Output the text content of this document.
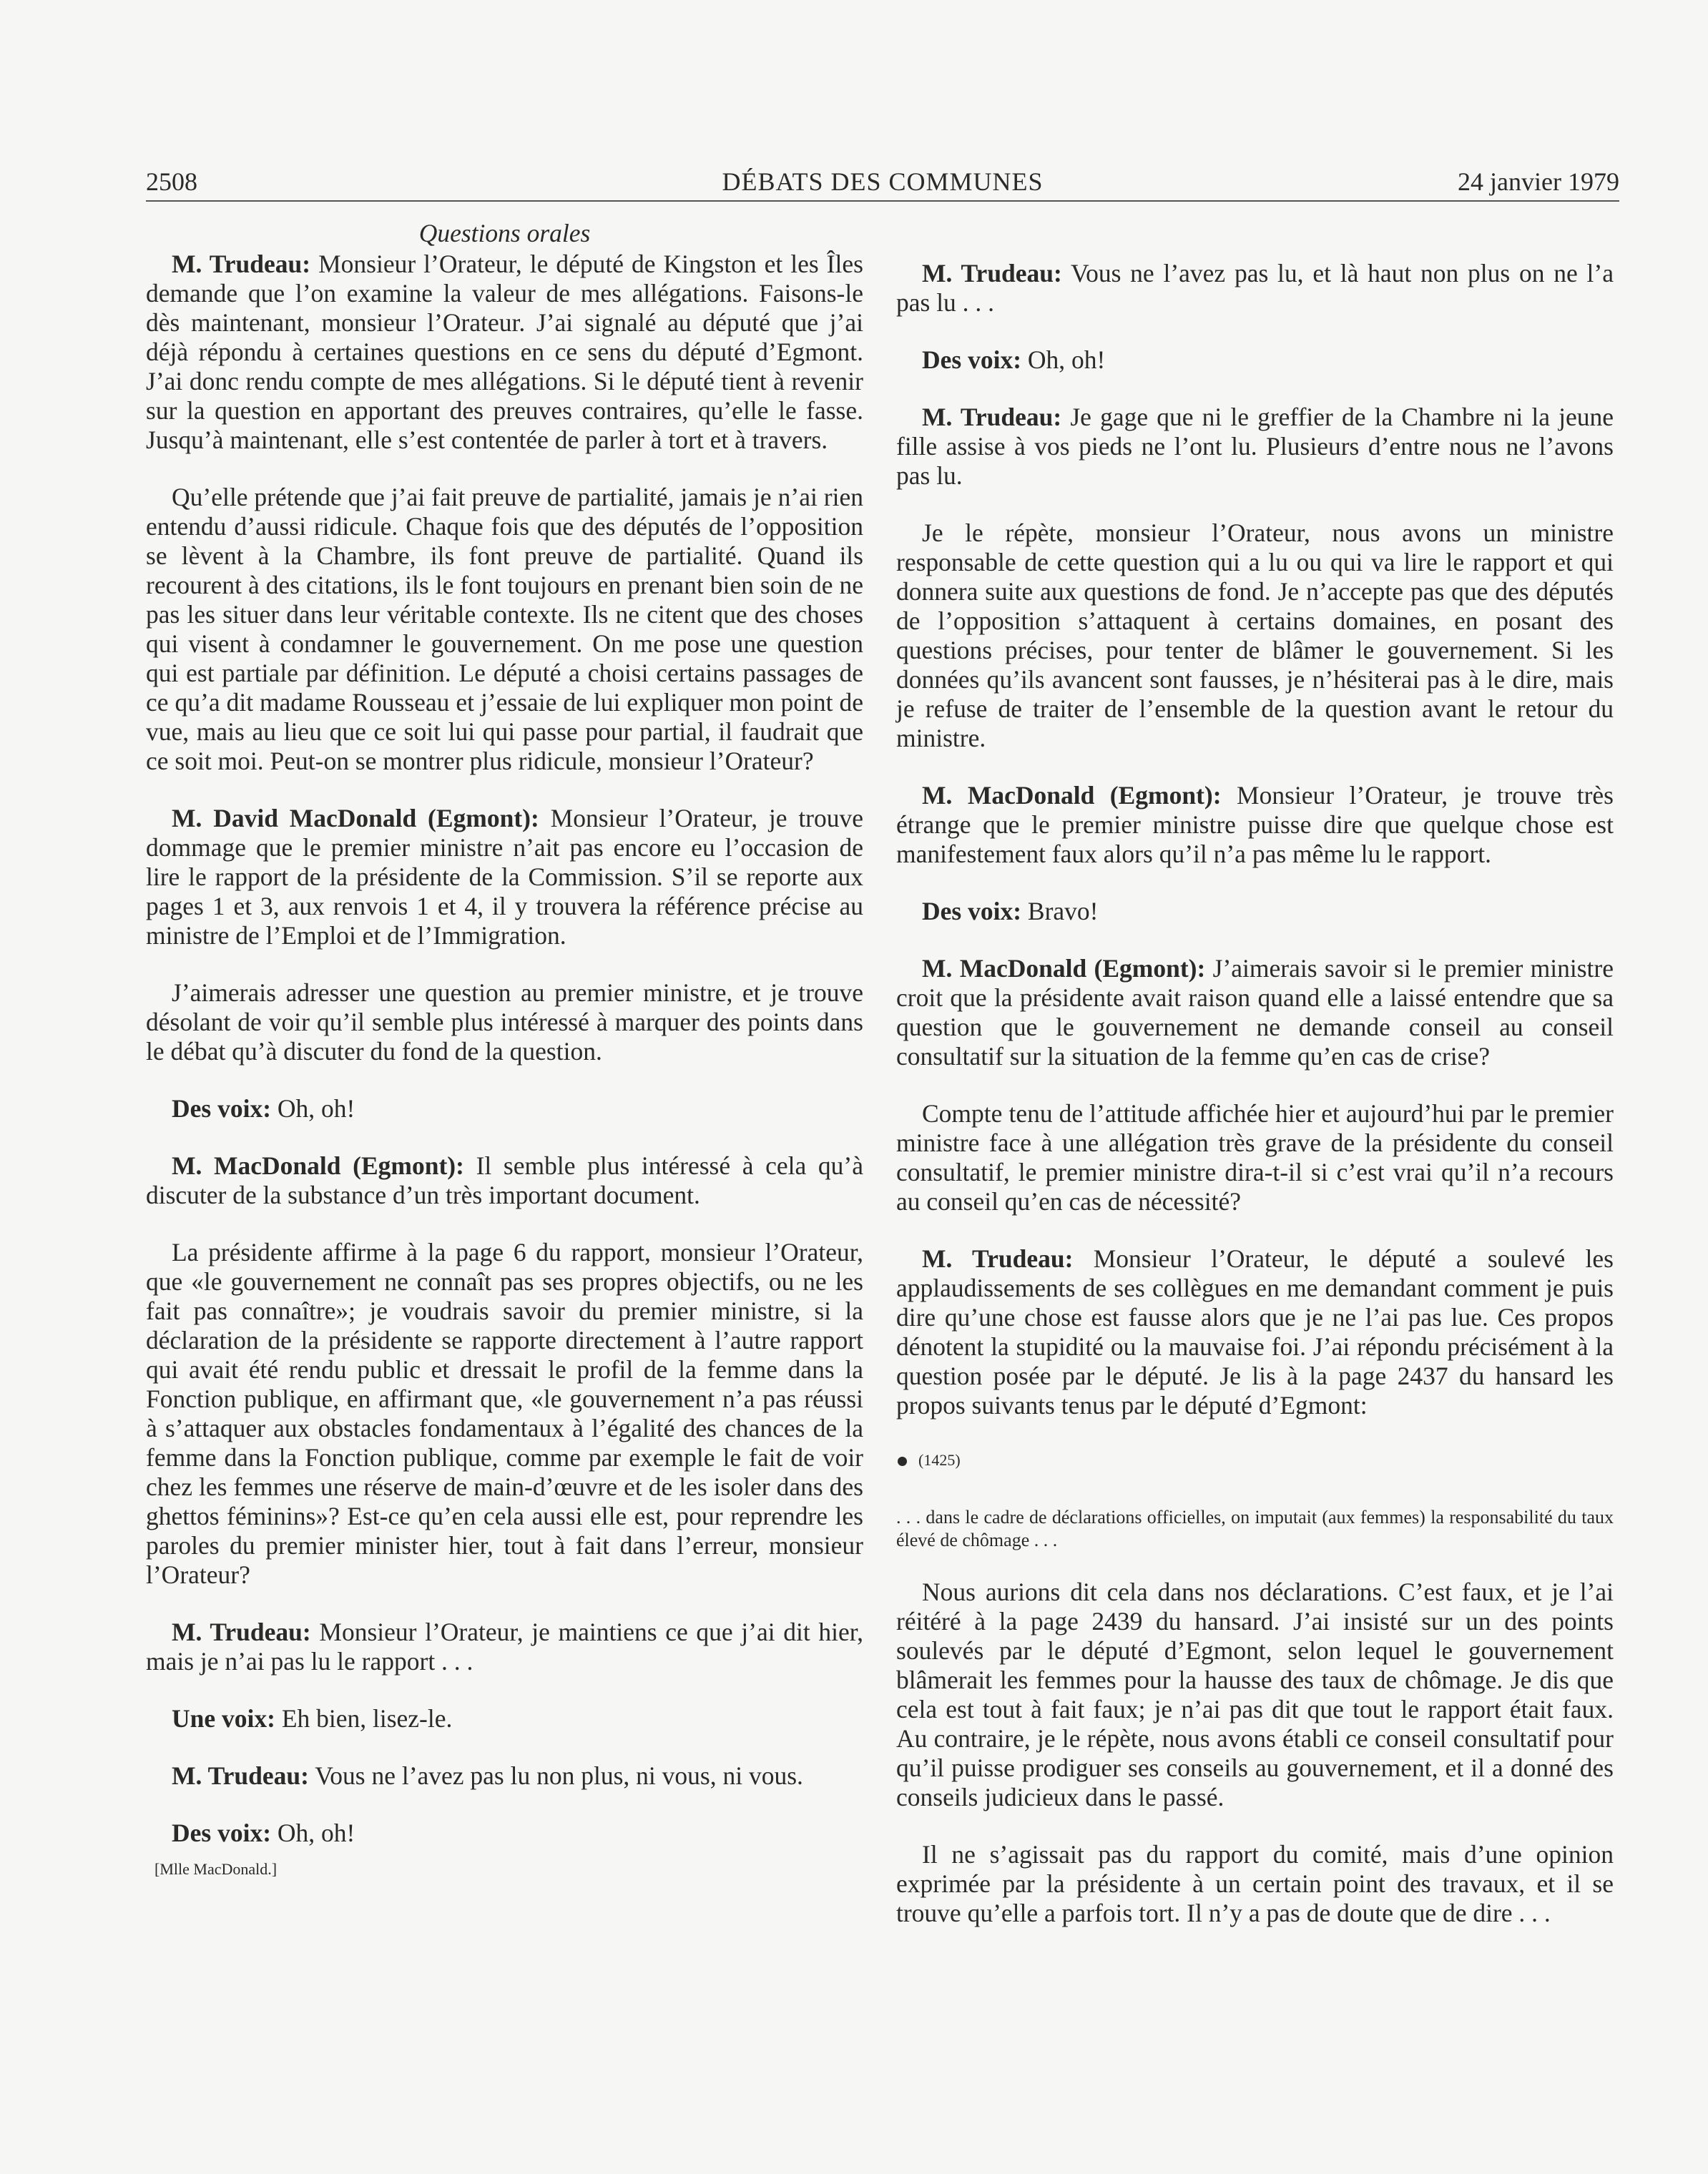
2508	DÉBATS DES COMMUNES	24 janvier 1979
Questions orales

M. Trudeau: Monsieur l’Orateur, le député de Kingston et les Îles demande que l’on examine la valeur de mes allégations. Faisons-le dès maintenant, monsieur l’Orateur. J’ai signalé au député que j’ai déjà répondu à certaines questions en ce sens du député d’Egmont. J’ai donc rendu compte de mes allégations. Si le député tient à revenir sur la question en apportant des preuves contraires, qu’elle le fasse. Jusqu’à maintenant, elle s’est contentée de parler à tort et à travers.

Qu’elle prétende que j’ai fait preuve de partialité, jamais je n’ai rien entendu d’aussi ridicule. Chaque fois que des députés de l’opposition se lèvent à la Chambre, ils font preuve de partialité. Quand ils recourent à des citations, ils le font toujours en prenant bien soin de ne pas les situer dans leur véritable contexte. Ils ne citent que des choses qui visent à condamner le gouvernement. On me pose une question qui est partiale par définition. Le député a choisi certains passages de ce qu’a dit madame Rousseau et j’essaie de lui expliquer mon point de vue, mais au lieu que ce soit lui qui passe pour partial, il faudrait que ce soit moi. Peut-on se montrer plus ridicule, monsieur l’Orateur?

M. David MacDonald (Egmont): Monsieur l’Orateur, je trouve dommage que le premier ministre n’ait pas encore eu l’occasion de lire le rapport de la présidente de la Commission. S’il se reporte aux pages 1 et 3, aux renvois 1 et 4, il y trouvera la référence précise au ministre de l’Emploi et de l’Immigration.

J’aimerais adresser une question au premier ministre, et je trouve désolant de voir qu’il semble plus intéressé à marquer des points dans le débat qu’à discuter du fond de la question.

Des voix: Oh, oh!

M. MacDonald (Egmont): Il semble plus intéressé à cela qu’à discuter de la substance d’un très important document.

La présidente affirme à la page 6 du rapport, monsieur l’Orateur, que «le gouvernement ne connaît pas ses propres objectifs, ou ne les fait pas connaître»; je voudrais savoir du premier ministre, si la déclaration de la présidente se rapporte directement à l’autre rapport qui avait été rendu public et dressait le profil de la femme dans la Fonction publique, en affirmant que, «le gouvernement n’a pas réussi à s’attaquer aux obstacles fondamentaux à l’égalité des chances de la femme dans la Fonction publique, comme par exemple le fait de voir chez les femmes une réserve de main-d’œuvre et de les isoler dans des ghettos féminins»? Est-ce qu’en cela aussi elle est, pour reprendre les paroles du premier minister hier, tout à fait dans l’erreur, monsieur l’Orateur?

M. Trudeau: Monsieur l’Orateur, je maintiens ce que j’ai dit hier, mais je n’ai pas lu le rapport . . .

Une voix: Eh bien, lisez-le.

M. Trudeau: Vous ne l’avez pas lu non plus, ni vous, ni vous.

Des voix: Oh, oh!

[Mlle MacDonald.]

M. Trudeau: Vous ne l’avez pas lu, et là haut non plus on ne l’a pas lu . . .

Des voix: Oh, oh!

M. Trudeau: Je gage que ni le greffier de la Chambre ni la jeune fille assise à vos pieds ne l’ont lu. Plusieurs d’entre nous ne l’avons pas lu.

Je le répète, monsieur l’Orateur, nous avons un ministre responsable de cette question qui a lu ou qui va lire le rapport et qui donnera suite aux questions de fond. Je n’accepte pas que des députés de l’opposition s’attaquent à certains domaines, en posant des questions précises, pour tenter de blâmer le gouvernement. Si les données qu’ils avancent sont fausses, je n’hésiterai pas à le dire, mais je refuse de traiter de l’ensemble de la question avant le retour du ministre.

M. MacDonald (Egmont): Monsieur l’Orateur, je trouve très étrange que le premier ministre puisse dire que quelque chose est manifestement faux alors qu’il n’a pas même lu le rapport.

Des voix: Bravo!

M. MacDonald (Egmont): J’aimerais savoir si le premier ministre croit que la présidente avait raison quand elle a laissé entendre que sa question que le gouvernement ne demande conseil au conseil consultatif sur la situation de la femme qu’en cas de crise?

Compte tenu de l’attitude affichée hier et aujourd’hui par le premier ministre face à une allégation très grave de la présidente du conseil consultatif, le premier ministre dira-t-il si c’est vrai qu’il n’a recours au conseil qu’en cas de nécessité?

M. Trudeau: Monsieur l’Orateur, le député a soulevé les applaudissements de ses collègues en me demandant comment je puis dire qu’une chose est fausse alors que je ne l’ai pas lue. Ces propos dénotent la stupidité ou la mauvaise foi. J’ai répondu précisément à la question posée par le député. Je lis à la page 2437 du hansard les propos suivants tenus par le député d’Egmont:

(1425)

. . . dans le cadre de déclarations officielles, on imputait (aux femmes) la responsabilité du taux élevé de chômage . . .

Nous aurions dit cela dans nos déclarations. C’est faux, et je l’ai réitéré à la page 2439 du hansard. J’ai insisté sur un des points soulevés par le député d’Egmont, selon lequel le gouvernement blâmerait les femmes pour la hausse des taux de chômage. Je dis que cela est tout à fait faux; je n’ai pas dit que tout le rapport était faux. Au contraire, je le répète, nous avons établi ce conseil consultatif pour qu’il puisse prodiguer ses conseils au gouvernement, et il a donné des conseils judicieux dans le passé.

Il ne s’agissait pas du rapport du comité, mais d’une opinion exprimée par la présidente à un certain point des travaux, et il se trouve qu’elle a parfois tort. Il n’y a pas de doute que de dire . . .
